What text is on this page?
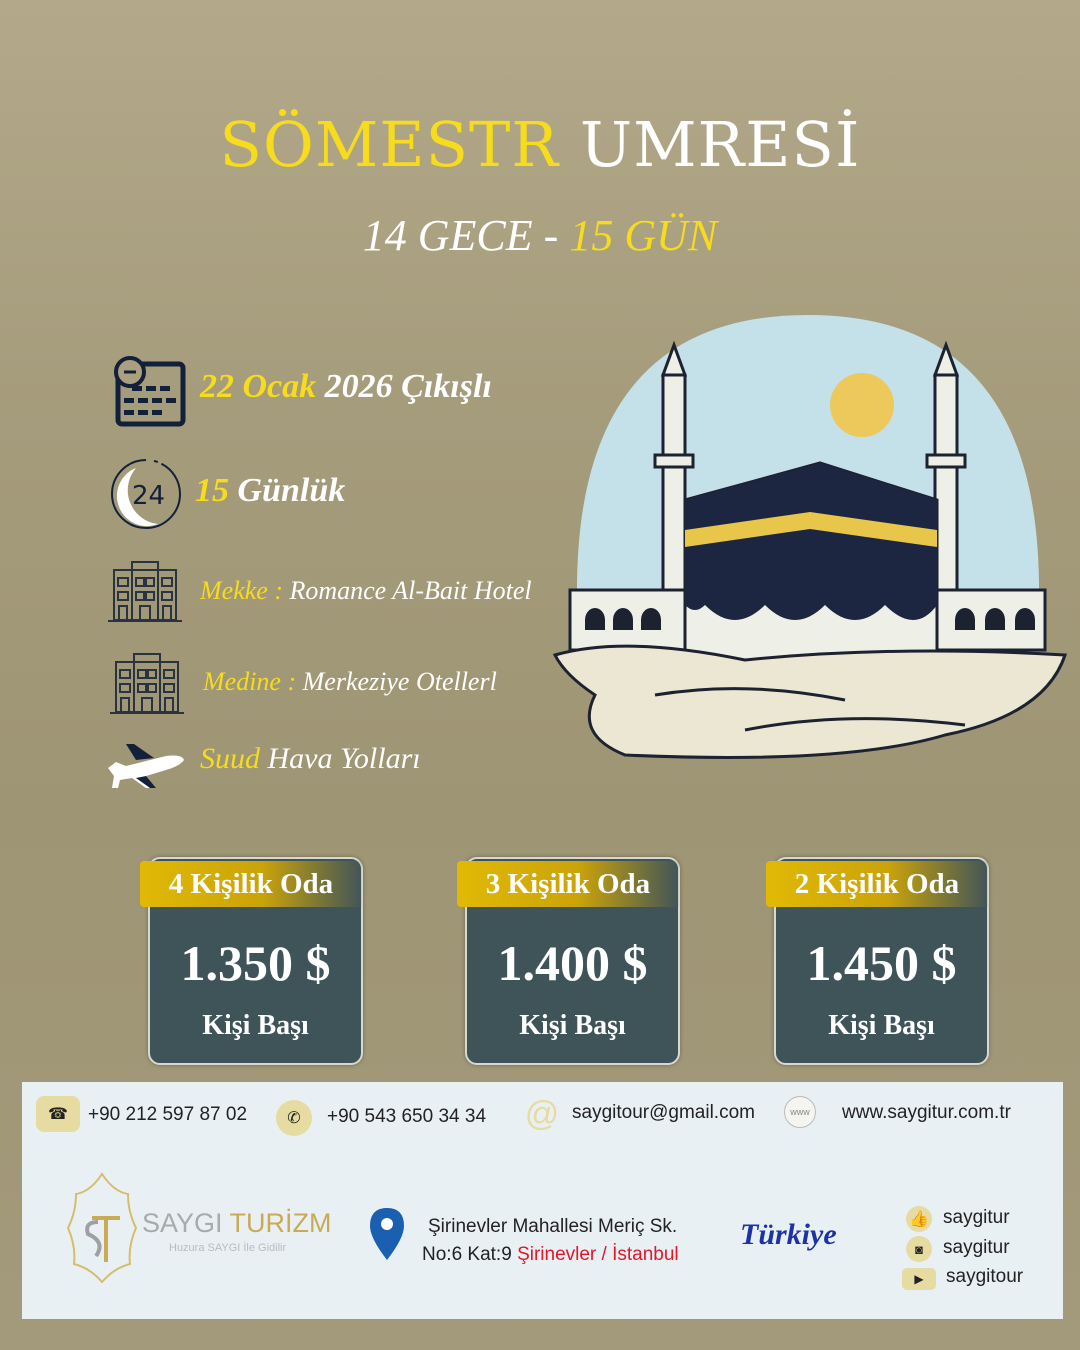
SÖMESTR UMRESİ
14 GECE - 15 GÜN
22 Ocak 2026 Çıkışlı
24 15 Günlük
Mekke : Romance Al-Bait Hotel
Medine : Merkeziye Otellerl
Suud Hava Yolları
4 Kişilik Oda
1.350 $
Kişi Başı
3 Kişilik Oda
1.400 $
Kişi Başı
2 Kişilik Oda
1.450 $
Kişi Başı
☎	+90 212 597 87 02	✆	+90 543 650 34 34 @ saygitour@gmail.com	www	www.saygitur.com.tr
SAYGI TURİZM
Huzura SAYGI İle Gidilir
Şirinevler Mahallesi Meriç Sk.
No:6 Kat:9 Şirinevler / İstanbul
Türkiye	👍 saygitur
◙	saygitur
▶	saygitour
